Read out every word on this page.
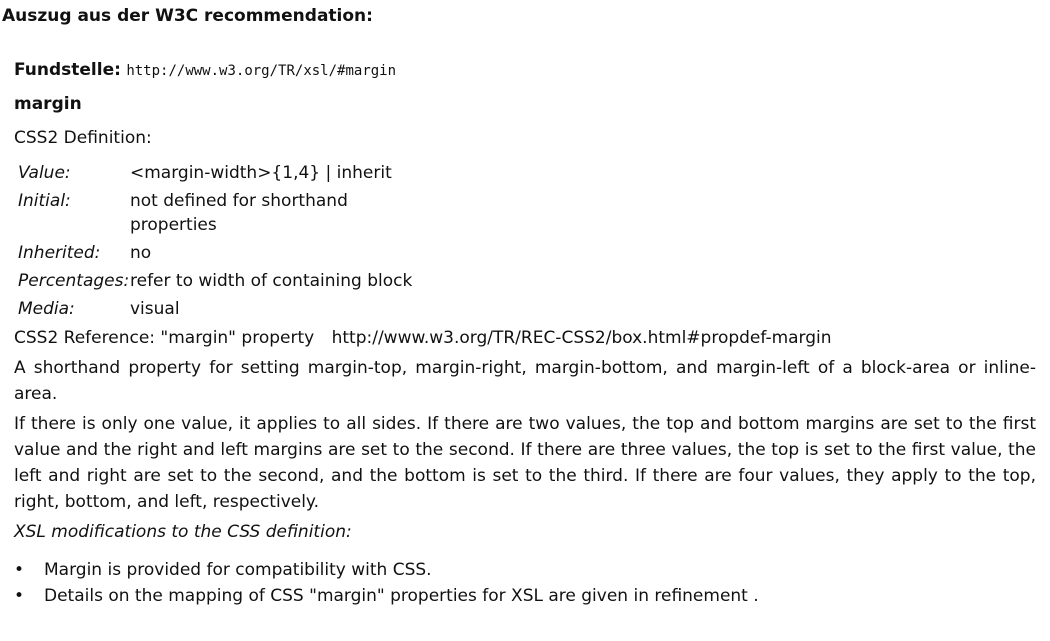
Auszug aus der W3C recommendation:
Fundstelle: http://www.w3.org/TR/xsl/#margin
margin
CSS2 Definition:
Value:	<margin-width>{1,4} | inherit
Initial:	not defined for shorthand properties
Inherited:	no
Percentages:	refer to width of containing block
Media:	visual
CSS2 Reference: "margin" property http://www.w3.org/TR/REC-CSS2/box.html#propdef-margin
A shorthand property for setting margin-top, margin-right, margin-bottom, and margin-left of a block-area or inline-area.
If there is only one value, it applies to all sides. If there are two values, the top and bottom margins are set to the first value and the right and left margins are set to the second. If there are three values, the top is set to the first value, the left and right are set to the second, and the bottom is set to the third. If there are four values, they apply to the top, right, bottom, and left, respectively.
XSL modifications to the CSS definition:
• Margin is provided for compatibility with CSS.
• Details on the mapping of CSS "margin" properties for XSL are given in refinement .
